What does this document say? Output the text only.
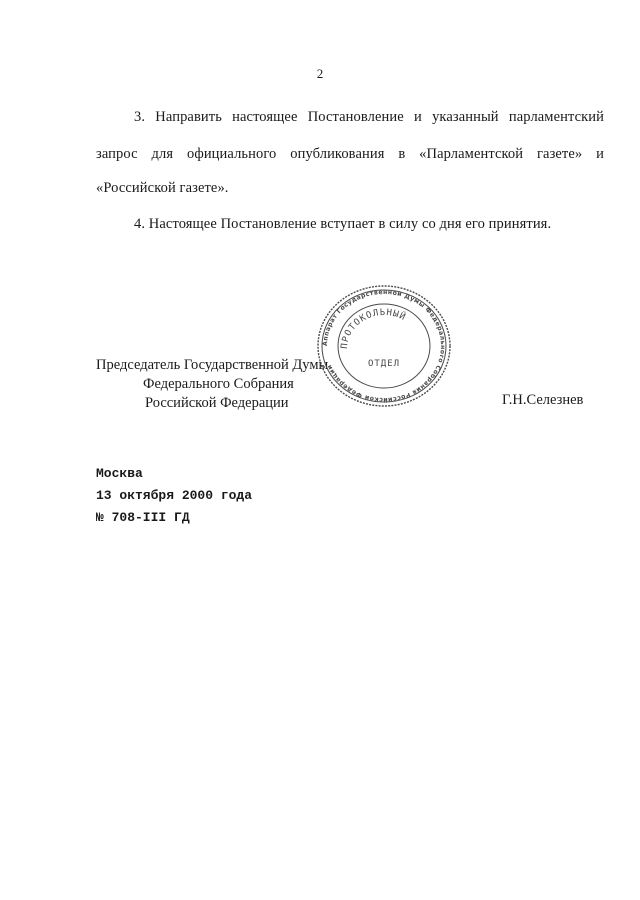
2
3. Направить настоящее Постановление и указанный парламентский
запрос для официального опубликования в «Парламентской газете» и
«Российской газете».
4. Настоящее Постановление вступает в силу со дня его принятия.
Председатель Государственной Думы
Федерального Собрания
Российской Федерации
Аппарат Государственной Думы Федерального Собрания Российской Федерации
ПРОТОКОЛЬНЫЙ
ОТДЕЛ
Г.Н.Селезнев
Москва
13 октября 2000 года
№ 708-III ГД
